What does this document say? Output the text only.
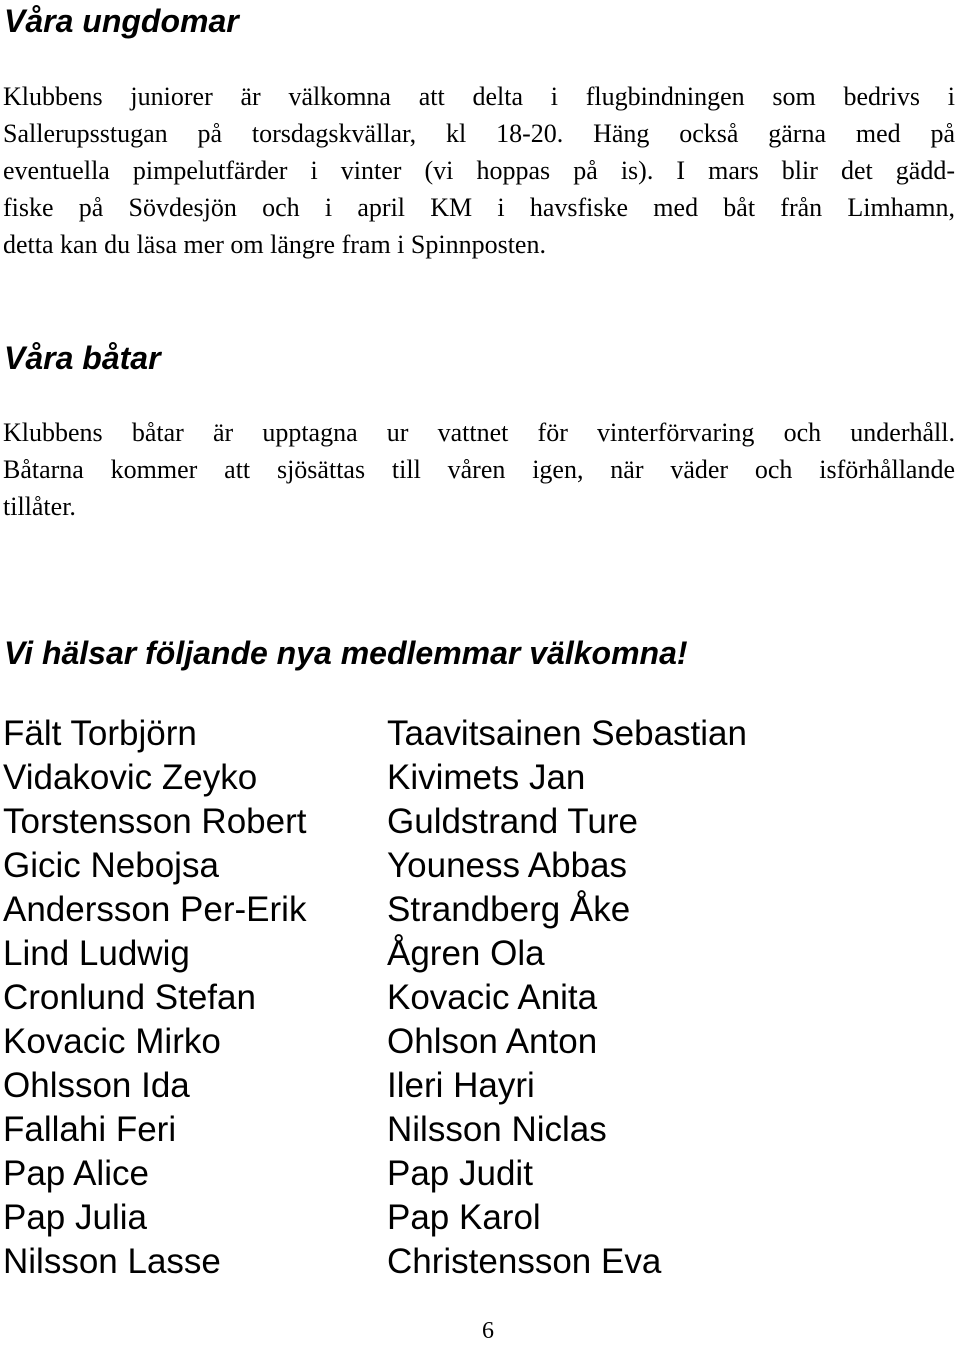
Våra ungdomar

Klubbens juniorer är välkomna att delta i flugbindningen som bedrivs i
Sallerupsstugan på torsdagskvällar, kl 18-20. Häng också gärna med på
eventuella pimpelutfärder i vinter (vi hoppas på is). I mars blir det gädd-
fiske på Sövdesjön och i april KM i havsfiske med båt från Limhamn,
detta kan du läsa mer om längre fram i Spinnposten.

Våra båtar

Klubbens båtar är upptagna ur vattnet för vinterförvaring och underhåll.
Båtarna kommer att sjösättas till våren igen, när väder och isförhållande
tillåter.

Vi hälsar följande nya medlemmar välkomna!
Fält Torbjörn
Vidakovic Zeyko
Torstensson Robert
Gicic Nebojsa
Andersson Per-Erik
Lind Ludwig
Cronlund Stefan
Kovacic Mirko
Ohlsson Ida
Fallahi Feri
Pap Alice
Pap Julia
Nilsson Lasse
Taavitsainen Sebastian
Kivimets Jan
Guldstrand Ture
Youness Abbas
Strandberg Åke
Ågren Ola
Kovacic Anita
Ohlson Anton
Ileri Hayri
Nilsson Niclas
Pap Judit
Pap Karol
Christensson Eva
6
